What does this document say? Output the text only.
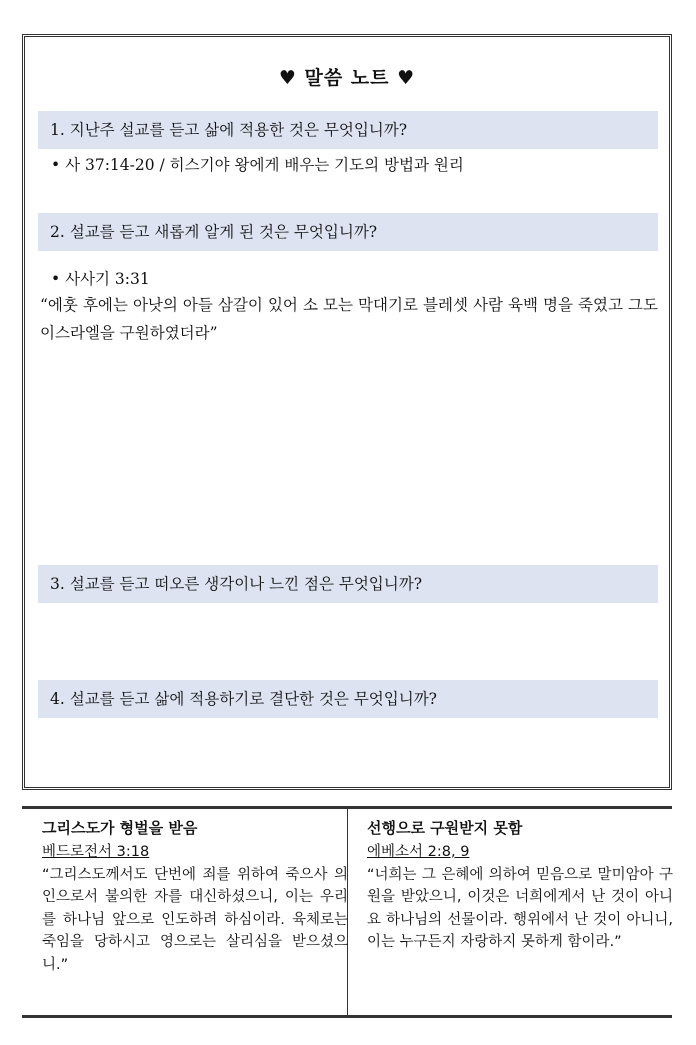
♥ 말씀 노트 ♥
1. 지난주 설교를 듣고 삶에 적용한 것은 무엇입니까?
• 사 37:14-20 / 히스기야 왕에게 배우는 기도의 방법과 원리
2. 설교를 듣고 새롭게 알게 된 것은 무엇입니까?
• 사사기 3:31
“에훗 후에는 아낫의 아들 삼갈이 있어 소 모는 막대기로 블레셋 사람 육백 명을 죽였고 그도 이스라엘을 구원하였더라”
3. 설교를 듣고 떠오른 생각이나 느낀 점은 무엇입니까?
4. 설교를 듣고 삶에 적용하기로 결단한 것은 무엇입니까?
그리스도가 형벌을 받음
베드로전서 3:18
“그리스도께서도 단번에 죄를 위하여 죽으사 의인으로서 불의한 자를 대신하셨으니, 이는 우리를 하나님 앞으로 인도하려 하심이라. 육체로는 죽임을 당하시고 영으로는 살리심을 받으셨으니.”
선행으로 구원받지 못함
에베소서 2:8, 9
“너희는 그 은혜에 의하여 믿음으로 말미암아 구원을 받았으니, 이것은 너희에게서 난 것이 아니요 하나님의 선물이라. 행위에서 난 것이 아니니, 이는 누구든지 자랑하지 못하게 함이라.”
